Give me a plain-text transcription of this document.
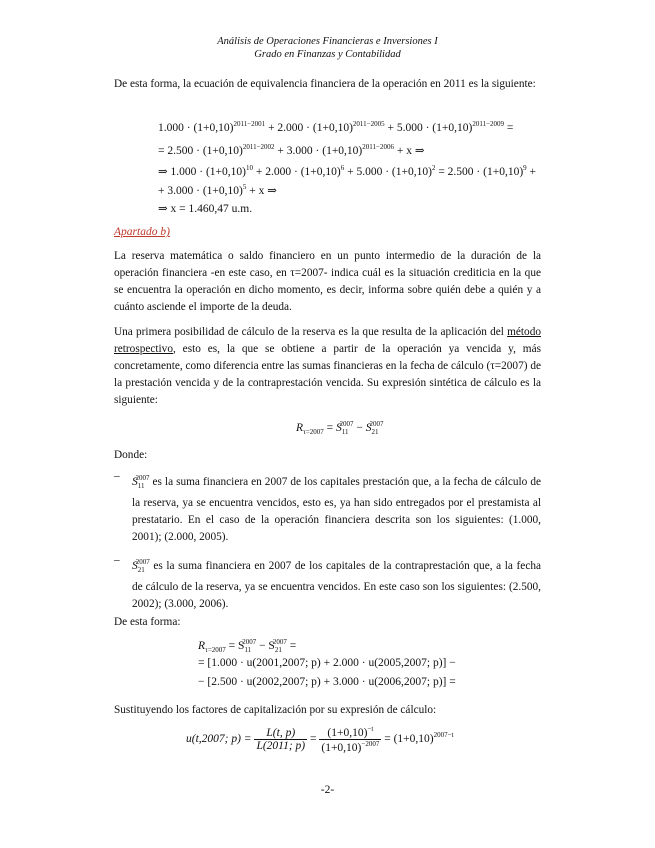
Análisis de Operaciones Financieras e Inversiones I
Grado en Finanzas y Contabilidad
De esta forma, la ecuación de equivalencia financiera de la operación en 2011 es la siguiente:
$1.000 \cdot (1+0,10)^{2011-2001} + 2.000 \cdot (1+0,10)^{2011-2005} + 5.000 \cdot (1+0,10)^{2011-2009}$ =
= $2.500 \cdot (1+0,10)^{2011-2002} + 3.000 \cdot (1+0,10)^{2011-2006} + x$ ⇒
⇒ $1.000 \cdot (1+0,10)^{10} + 2.000 \cdot (1+0,10)^6 + 5.000 \cdot (1+0,10)^2 = 2.500 \cdot (1+0,10)^9$ +
+ $3.000 \cdot (1+0,10)^5 + x$ ⇒
⇒ x = 1.460,47 u.m.
Apartado b)
La reserva matemática o saldo financiero en un punto intermedio de la duración de la operación financiera -en este caso, en τ=2007- indica cuál es la situación crediticia en la que se encuentra la operación en dicho momento, es decir, informa sobre quién debe a quién y a cuánto asciende el importe de la deuda.
Una primera posibilidad de cálculo de la reserva es la que resulta de la aplicación del método retrospectivo, esto es, la que se obtiene a partir de la operación ya vencida y, más concretamente, como diferencia entre las sumas financieras en la fecha de cálculo (τ=2007) de la prestación vencida y de la contraprestación vencida. Su expresión sintética de cálculo es la siguiente:
$R_{\tau=2007} = S_{11}^{2007} - S_{21}^{2007}$
Donde:
– $S_{11}^{2007}$ es la suma financiera en 2007 de los capitales prestación que, a la fecha de cálculo de la reserva, ya se encuentra vencidos, esto es, ya han sido entregados por el prestamista al prestatario. En el caso de la operación financiera descrita son los siguientes: (1.000, 2001); (2.000, 2005).
– $S_{21}^{2007}$ es la suma financiera en 2007 de los capitales de la contraprestación que, a la fecha de cálculo de la reserva, ya se encuentra vencidos. En este caso son los siguientes: (2.500, 2002); (3.000, 2006).
De esta forma:
$R_{\tau=2007} = S_{11}^{2007} - S_{21}^{2007}$ =
= [1.000 · u(2001,2007; p) + 2.000 · u(2005,2007; p)] −
− [2.500 · u(2002,2007; p) + 3.000 · u(2006,2007; p)] =
Sustituyendo los factores de capitalización por su expresión de cálculo:
u(t,2007; $p) = \frac{L(t, p)}{L(2011; p)} = \frac{(1+0,10)^{-t}}{(1+0,10)^{-2007}} = (1+0,10)^{2007-t}$
-2-
